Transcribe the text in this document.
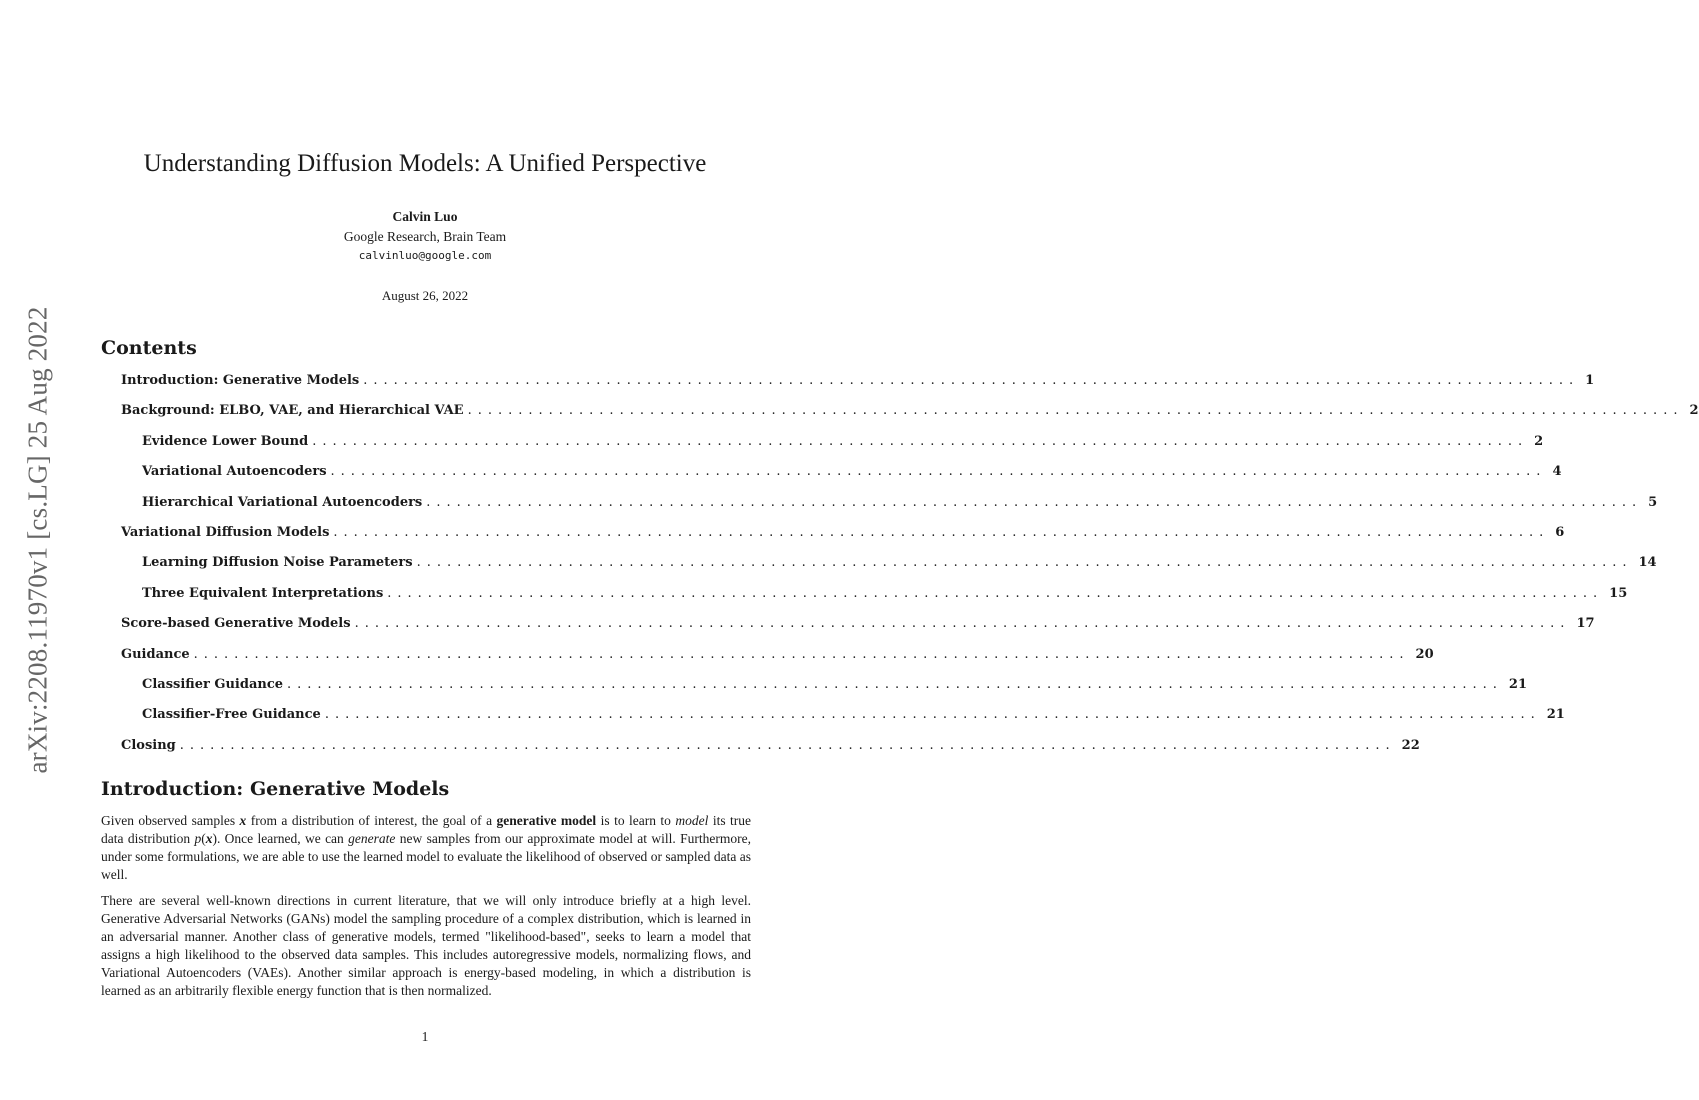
arXiv:2208.11970v1 [cs.LG] 25 Aug 2022
Understanding Diffusion Models: A Unified Perspective
Calvin Luo
Google Research, Brain Team
calvinluo@google.com
August 26, 2022
Contents
Introduction: Generative Models ........................................................................................................................ 1
Background: ELBO, VAE, and Hierarchical VAE ........................................................................................................................ 2
Evidence Lower Bound ........................................................................................................................ 2
Variational Autoencoders ........................................................................................................................ 4
Hierarchical Variational Autoencoders ........................................................................................................................ 5
Variational Diffusion Models ........................................................................................................................ 6
Learning Diffusion Noise Parameters ........................................................................................................................ 14
Three Equivalent Interpretations ........................................................................................................................ 15
Score-based Generative Models ........................................................................................................................ 17
Guidance ........................................................................................................................ 20
Classifier Guidance ........................................................................................................................ 21
Classifier-Free Guidance ........................................................................................................................ 21
Closing ........................................................................................................................ 22
Introduction: Generative Models

Given observed samples x from a distribution of interest, the goal of a generative model is to learn to model its true data distribution p(x). Once learned, we can generate new samples from our approximate model at will. Furthermore, under some formulations, we are able to use the learned model to evaluate the likelihood of observed or sampled data as well.

There are several well-known directions in current literature, that we will only introduce briefly at a high level. Generative Adversarial Networks (GANs) model the sampling procedure of a complex distribution, which is learned in an adversarial manner. Another class of generative models, termed "likelihood-based", seeks to learn a model that assigns a high likelihood to the observed data samples. This includes autoregressive models, normalizing flows, and Variational Autoencoders (VAEs). Another similar approach is energy-based modeling, in which a distribution is learned as an arbitrarily flexible energy function that is then normalized.

1
